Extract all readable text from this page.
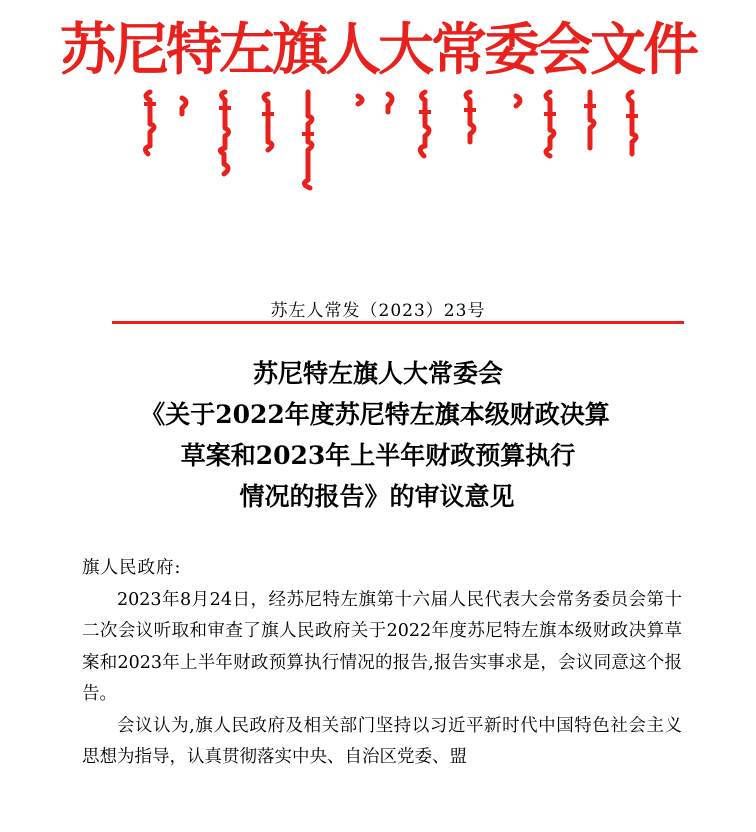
苏尼特左旗人大常委会文件
苏左人常发（2023）23号
苏尼特左旗人大常委会
《关于2022年度苏尼特左旗本级财政决算
草案和2023年上半年财政预算执行
情况的报告》的审议意见
旗人民政府:
2023年8月24日，经苏尼特左旗第十六届人民代表大会常务委员会第十二次会议听取和审查了旗人民政府关于2022年度苏尼特左旗本级财政决算草案和2023年上半年财政预算执行情况的报告,报告实事求是，会议同意这个报告。
会议认为,旗人民政府及相关部门坚持以习近平新时代中国特色社会主义思想为指导，认真贯彻落实中央、自治区党委、盟
